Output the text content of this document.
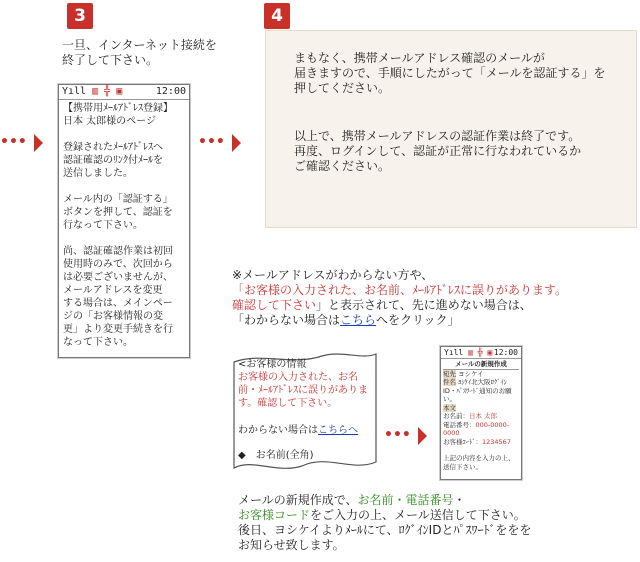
3
一旦、インターネット接続を
終了して下さい。
•••
Yıll ▥ ╬ ▣	12:00
【携帯用ﾒｰﾙｱﾄﾞﾚｽ登録】
日本 太郎様のページ
登録されたﾒｰﾙｱﾄﾞﾚｽへ
認証確認のﾘﾝｸ付ﾒｰﾙを
送信しました。
メール内の「認証する」
ボタンを押して、認証を
行なって下さい。
尚、認証確認作業は初回
使用時のみで、次回から
は必要ございませんが、
メールアドレスを変更
する場合は、メインペー
ジの「お客様情報の変
更」より変更手続きを行
なって下さい。
•••
4
まもなく、携帯メールアドレス確認のメールが
届きますので、手順にしたがって「メールを認証する」を
押してください。
以上で、携帯メールアドレスの認証作業は終了です。
再度、ログインして、認証が正常に行なわれているか
ご確認ください。
※メールアドレスがわからない方や、
「お客様の入力された、お名前、ﾒｰﾙｱﾄﾞﾚｽに誤りがあります。
確認して下さい」と表示されて、先に進めない場合は、
「わからない場合はこちらへをクリック」
<お客様の情報
お客様の入力された、お名
前・ﾒｰﾙｱﾄﾞﾚｽに誤りがありま
す。確認して下さい。
わからない場合はこちらへ
◆　お名前(全角)
•••
Yıll ▥ ╬ ▣ 12:00
メールの新規作成
宛先 ヨシケイ
件名 ﾖｼｹｲ北大阪ﾛｸﾞｲﾝ
ID・ﾊﾟｽﾜｰﾄﾞ通知のお願
い。
本文
お名前：日本 太郎
電話番号：000-0000-0000
お客様ｺｰﾄﾞ：1234567
上記の内容を入力の上、
送信下さい。
メールの新規作成で、お名前・電話番号・
お客様コードをご入力の上、メール送信して下さい。
後日、ヨシケイよりﾒｰﾙにて、ﾛｸﾞｲﾝIDとﾊﾟｽﾜｰﾄﾞををを
お知らせ致します。
